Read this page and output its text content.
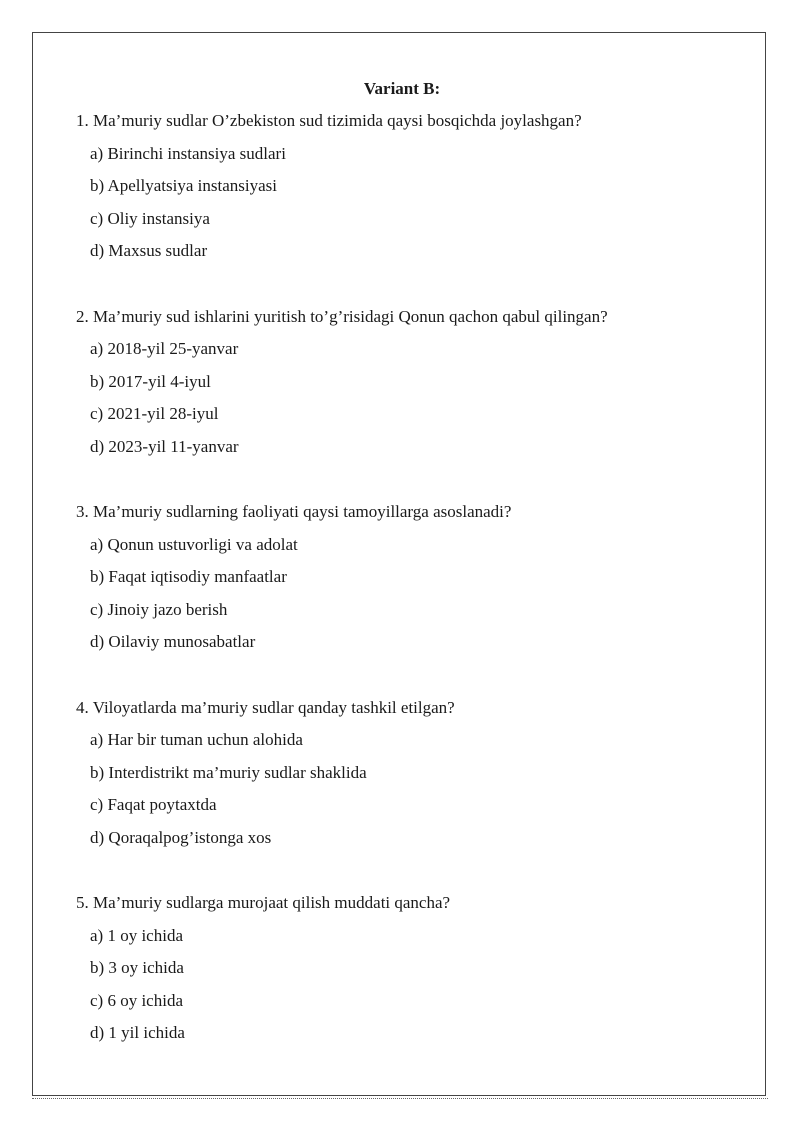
Variant B:
1. Ma’muriy sudlar O’zbekiston sud tizimida qaysi bosqichda joylashgan?
a) Birinchi instansiya sudlari
b) Apellyatsiya instansiyasi
c) Oliy instansiya
d) Maxsus sudlar
2. Ma’muriy sud ishlarini yuritish to’g’risidagi Qonun qachon qabul qilingan?
a) 2018-yil 25-yanvar
b) 2017-yil 4-iyul
c) 2021-yil 28-iyul
d) 2023-yil 11-yanvar
3. Ma’muriy sudlarning faoliyati qaysi tamoyillarga asoslanadi?
a) Qonun ustuvorligi va adolat
b) Faqat iqtisodiy manfaatlar
c) Jinoiy jazo berish
d) Oilaviy munosabatlar
4. Viloyatlarda ma’muriy sudlar qanday tashkil etilgan?
a) Har bir tuman uchun alohida
b) Interdistrikt ma’muriy sudlar shaklida
c) Faqat poytaxtda
d) Qoraqalpog’istonga xos
5. Ma’muriy sudlarga murojaat qilish muddati qancha?
a) 1 oy ichida
b) 3 oy ichida
c) 6 oy ichida
d) 1 yil ichida
